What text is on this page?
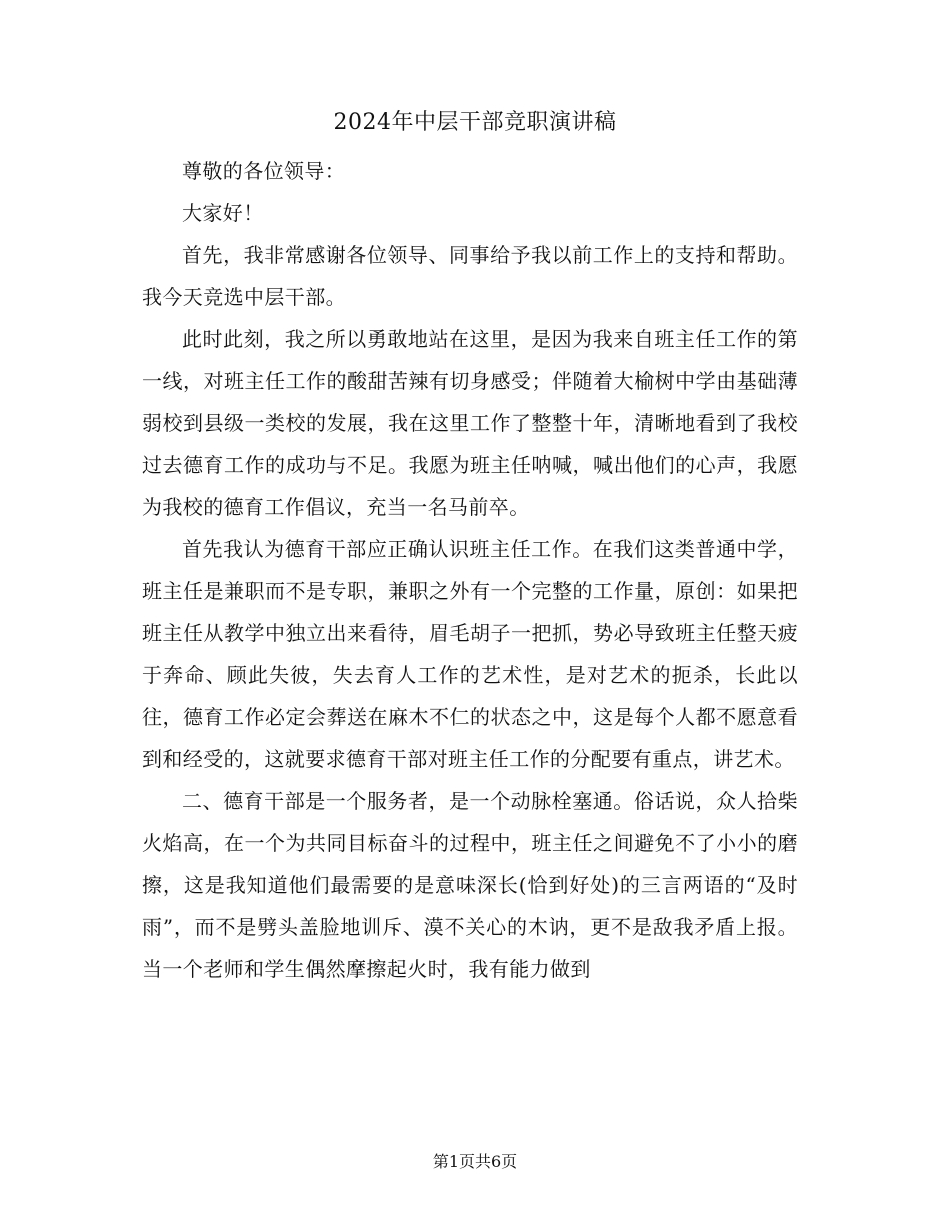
2024年中层干部竞职演讲稿

尊敬的各位领导：

大家好！

首先，我非常感谢各位领导、同事给予我以前工作上的支持和帮助。我今天竞选中层干部。

此时此刻，我之所以勇敢地站在这里，是因为我来自班主任工作的第一线，对班主任工作的酸甜苦辣有切身感受；伴随着大榆树中学由基础薄弱校到县级一类校的发展，我在这里工作了整整十年，清晰地看到了我校过去德育工作的成功与不足。我愿为班主任呐喊，喊出他们的心声，我愿为我校的德育工作倡议，充当一名马前卒。

首先我认为德育干部应正确认识班主任工作。在我们这类普通中学，班主任是兼职而不是专职，兼职之外有一个完整的工作量，原创：如果把班主任从教学中独立出来看待，眉毛胡子一把抓，势必导致班主任整天疲于奔命、顾此失彼，失去育人工作的艺术性，是对艺术的扼杀，长此以往，德育工作必定会葬送在麻木不仁的状态之中，这是每个人都不愿意看到和经受的，这就要求德育干部对班主任工作的分配要有重点，讲艺术。

二、德育干部是一个服务者，是一个动脉栓塞通。俗话说，众人拾柴火焰高，在一个为共同目标奋斗的过程中，班主任之间避免不了小小的磨擦，这是我知道他们最需要的是意味深长(恰到好处)的三言两语的“及时雨”，而不是劈头盖脸地训斥、漠不关心的木讷，更不是敌我矛盾上报。当一个老师和学生偶然摩擦起火时，我有能力做到

第1页共6页
